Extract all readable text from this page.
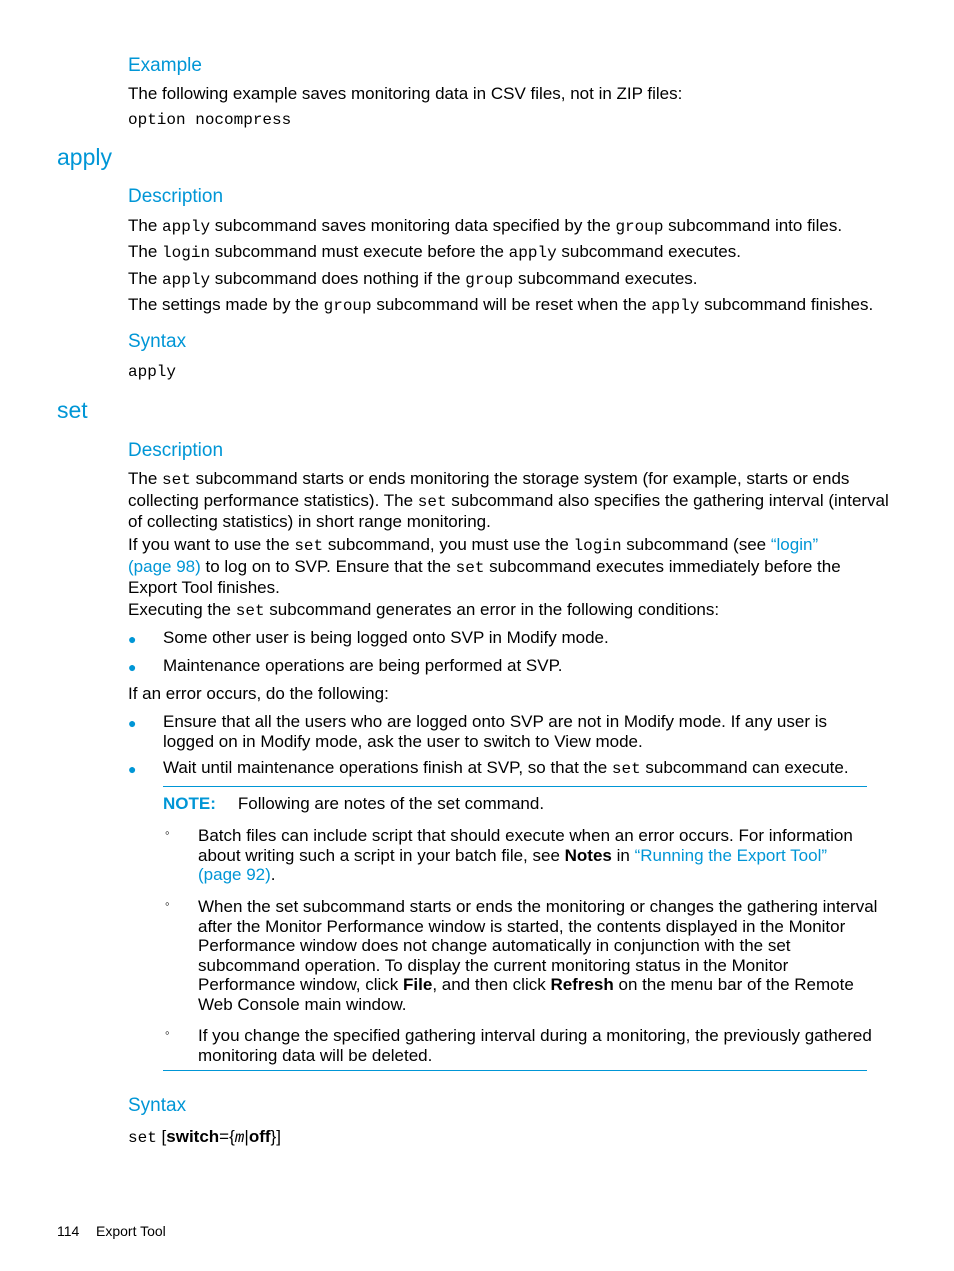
Example
The following example saves monitoring data in CSV files, not in ZIP files:
option nocompress
apply
Description
The apply subcommand saves monitoring data specified by the group subcommand into files.
The login subcommand must execute before the apply subcommand executes.
The apply subcommand does nothing if the group subcommand executes.
The settings made by the group subcommand will be reset when the apply subcommand finishes.
Syntax
apply
set
Description
The set subcommand starts or ends monitoring the storage system (for example, starts or ends
collecting performance statistics). The set subcommand also specifies the gathering interval (interval
of collecting statistics) in short range monitoring.
If you want to use the set subcommand, you must use the login subcommand (see “login”
(page 98) to log on to SVP. Ensure that the set subcommand executes immediately before the
Export Tool finishes.
Executing the set subcommand generates an error in the following conditions:
● Some other user is being logged onto SVP in Modify mode.
● Maintenance operations are being performed at SVP.
If an error occurs, do the following:
● Ensure that all the users who are logged onto SVP are not in Modify mode. If any user is
logged on in Modify mode, ask the user to switch to View mode.
● Wait until maintenance operations finish at SVP, so that the set subcommand can execute.
NOTE: Following are notes of the set command.
◦ Batch files can include script that should execute when an error occurs. For information
about writing such a script in your batch file, see Notes in “Running the Export Tool”
(page 92).
◦ When the set subcommand starts or ends the monitoring or changes the gathering interval
after the Monitor Performance window is started, the contents displayed in the Monitor
Performance window does not change automatically in conjunction with the set
subcommand operation. To display the current monitoring status in the Monitor
Performance window, click File, and then click Refresh on the menu bar of the Remote
Web Console main window.
◦ If you change the specified gathering interval during a monitoring, the previously gathered
monitoring data will be deleted.
Syntax
set [switch={m|off}]
114 Export Tool
